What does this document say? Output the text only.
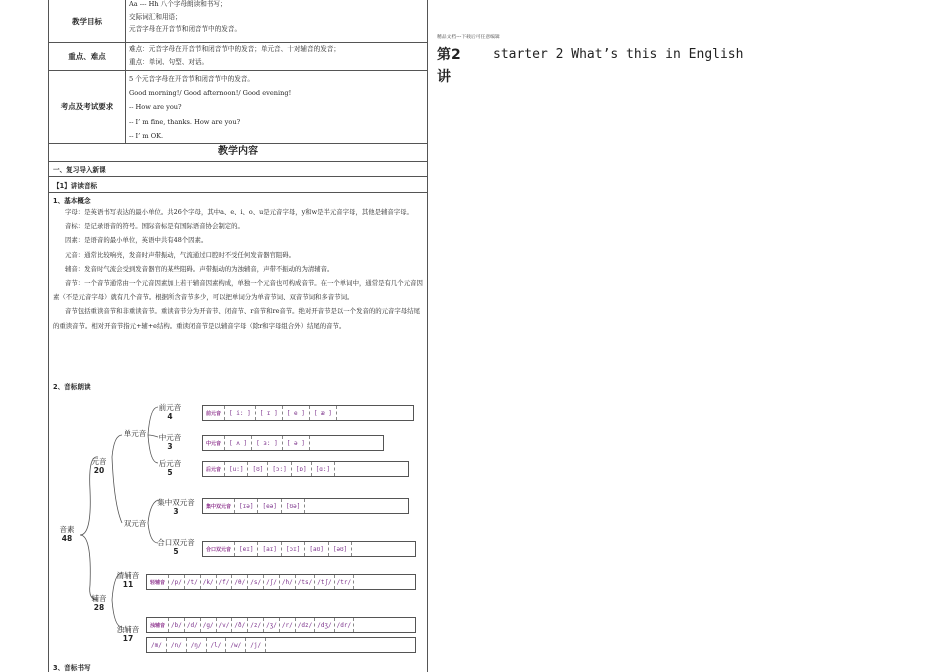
教学目标
Aa --- Hh 八个字母朗读和书写；
交际词汇和用语；
元音字母在开音节和闭音节中的发音。
重点、难点
难点：元音字母在开音节和闭音节中的发音；单元音、十对辅音的发音；
重点：单词、句型、对话。
考点及考试要求
5 个元音字母在开音节和闭音节中的发音。
Good morning!/ Good afternoon!/ Good evening!
-- How are you?
-- I’ m fine, thanks. How are you?
-- I’ m OK.
教学内容
一、复习导入新课
【1】讲读音标
1、基本概念

字母：是英语书写表达的最小单位。共26个字母，其中a、e、i、o、u是元音字母，y和w是半元音字母，其他是辅音字母。

音标：是记录语音的符号。国际音标是有国际语音协会制定的。

因素：是语音的最小单位，英语中共有48个因素。

元音：通常比较响亮，发音时声带振动，气流通过口腔时不受任何发音器官阻碍。

辅音：发音时气流会受到发音器官的某些阻碍。声带振动的为浊辅音，声带不振动的为清辅音。

音节：一个音节通常由一个元音因素加上若干辅音因素构成，单独一个元音也可构成音节。在一个单词中，通常是有几个元音因素（不是元音字母）就有几个音节。根据所含音节多少，可以把单词分为单音节词、双音节词和多音节词。

音节包括重读音节和非重读音节。重读音节分为开音节、闭音节、r音节和re音节。绝对开音节是以一个发音的的元音字母结尾的重读音节。相对开音节指元+辅+e结构。重读闭音节是以辅音字母（除r和字母组合外）结尾的音节。

2、音标朗读
3、音标书写
音素
48
元音
20
辅音
28
单元音
双元音
前元音
4	前元音	[ i: ]	[ ɪ ]	[ e ]	[ æ ]
中元音
3	中元音	[ ʌ ]	[ ɜ: ]	[ ə ]
后元音
5	后元音	[u:]	[ʊ]	[ɔ:]	[ɒ]	[ɑ:]
集中双元音
3
集中双元音	[ɪə]	[eə]	[ʊə]
合口双元音
5	合口双元音	[eɪ]	[aɪ]	[ɔɪ]	[aʊ]	[əʊ]
清辅音
11	轻辅音	/p/ /t/ /k/ /f/ /θ/ /s/ /ʃ/ /h/ /ts/ /tʃ/ /tr/
浊辅音
17
浊辅音	/b/ /d/ /g/ /v/ /ð/ /z/ /ʒ/ /r/ /dz/ /dʒ/ /dr/
/m/	/n/	/ŋ/	/l/	/w/	/j/
精品文档---下载后可任意编辑
第2
讲
starter 2 What’s this in English
